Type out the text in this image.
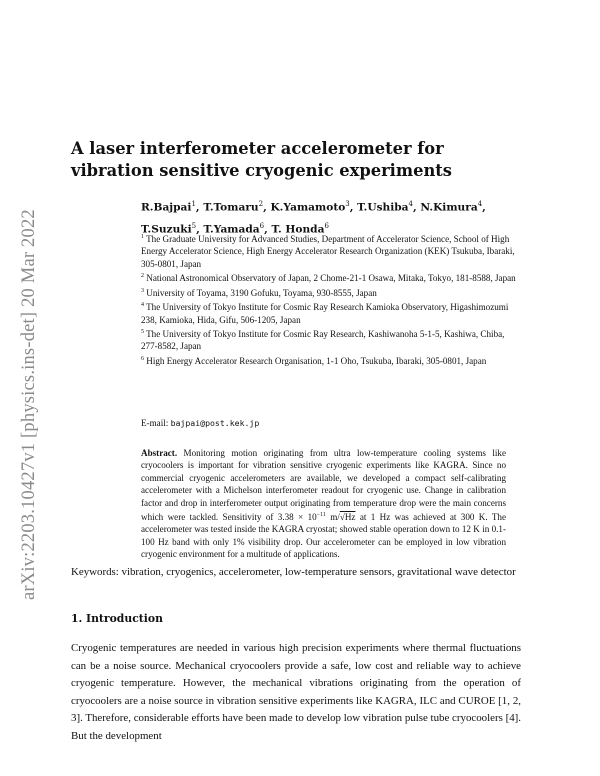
arXiv:2203.10427v1 [physics.ins-det] 20 Mar 2022
A laser interferometer accelerometer for vibration sensitive cryogenic experiments
R.Bajpai$^1$, T.Tomaru$^2$, K.Yamamoto$^3$, T.Ushiba$^4$, N.Kimura$^4$,
T.Suzuki$^5$, T.Yamada$^6$, T. Honda$^6$

$^1$ The Graduate University for Advanced Studies, Department of Accelerator Science, School of High Energy Accelerator Science, High Energy Accelerator Research Organization (KEK) Tsukuba, Ibaraki, 305-0801, Japan

$^2$ National Astronomical Observatory of Japan, 2 Chome-21-1 Osawa, Mitaka, Tokyo, 181-8588, Japan

$^3$ University of Toyama, 3190 Gofuku, Toyama, 930-8555, Japan

$^4$ The University of Tokyo Institute for Cosmic Ray Research Kamioka Observatory, Higashimozumi 238, Kamioka, Hida, Gifu, 506-1205, Japan

$^5$ The University of Tokyo Institute for Cosmic Ray Research, Kashiwanoha 5-1-5, Kashiwa, Chiba, 277-8582, Japan

$^6$ High Energy Accelerator Research Organisation, 1-1 Oho, Tsukuba, Ibaraki, 305-0801, Japan

E-mail: bajpai@post.kek.jp

Abstract. Monitoring motion originating from ultra low-temperature cooling systems like cryocoolers is important for vibration sensitive cryogenic experiments like KAGRA. Since no commercial cryogenic accelerometers are available, we developed a compact self-calibrating accelerometer with a Michelson interferometer readout for cryogenic use. Change in calibration factor and drop in interferometer output originating from temperature drop were the main concerns which were tackled. Sensitivity of $3.38 \times 10^{-11}$ m/√Hz at 1 Hz was achieved at 300 K. The accelerometer was tested inside the KAGRA cryostat; showed stable operation down to 12 K in 0.1-100 Hz band with only 1% visibility drop. Our accelerometer can be employed in low vibration cryogenic environment for a multitude of applications.

Keywords: vibration, cryogenics, accelerometer, low-temperature sensors, gravitational wave detector

1. Introduction

Cryogenic temperatures are needed in various high precision experiments where thermal fluctuations can be a noise source. Mechanical cryocoolers provide a safe, low cost and reliable way to achieve cryogenic temperature. However, the mechanical vibrations originating from the operation of cryocoolers are a noise source in vibration sensitive experiments like KAGRA, ILC and CUROE [1, 2, 3]. Therefore, considerable efforts have been made to develop low vibration pulse tube cryocoolers [4]. But the development
